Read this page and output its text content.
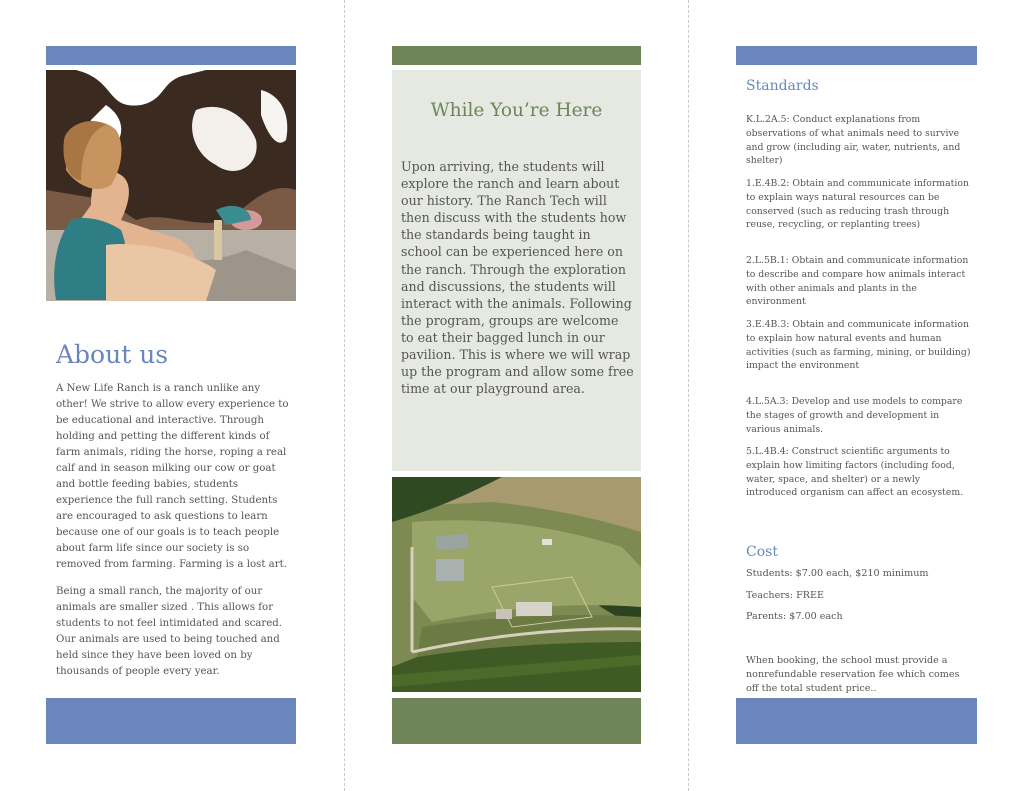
About us

A New Life Ranch is a ranch unlike any other! We strive to allow every experience to be educational and interactive. Through holding and petting the different kinds of farm animals, riding the horse, roping a real calf and in season milking our cow or goat and bottle feeding babies, students experience the full ranch setting. Students are encouraged to ask questions to learn because one of our goals is to teach people about farm life since our society is so removed from farming. Farming is a lost art.

Being a small ranch, the majority of our animals are smaller sized . This allows for students to not feel intimidated and scared. Our animals are used to being touched and held since they have been loved on by thousands of people every year.

While You’re Here

Upon arriving, the students will explore the ranch and learn about our history. The Ranch Tech will then discuss with the students how the standards being taught in school can be experienced here on the ranch. Through the exploration and discussions, the students will interact with the animals. Following the program, groups are welcome to eat their bagged lunch in our pavilion. This is where we will wrap up the program and allow some free time at our playground area.

Standards

K.L.2A.5: Conduct explanations from observations of what animals need to survive and grow (including air, water, nutrients, and shelter)

1.E.4B.2: Obtain and communicate information to explain ways natural resources can be conserved (such as reducing trash through reuse, recycling, or replanting trees)

2.L.5B.1: Obtain and communicate information to describe and compare how animals interact with other animals and plants in the environment

3.E.4B.3: Obtain and communicate information to explain how natural events and human activities (such as farming, mining, or building) impact the environment

4.L.5A.3: Develop and use models to compare the stages of growth and development in various animals.

5.L.4B.4: Construct scientific arguments to explain how limiting factors (including food, water, space, and shelter) or a newly introduced organism can affect an ecosystem.

Cost

Students: $7.00 each, $210 minimum

Teachers: FREE

Parents: $7.00 each

When booking, the school must provide a nonrefundable reservation fee which comes off the total student price..
